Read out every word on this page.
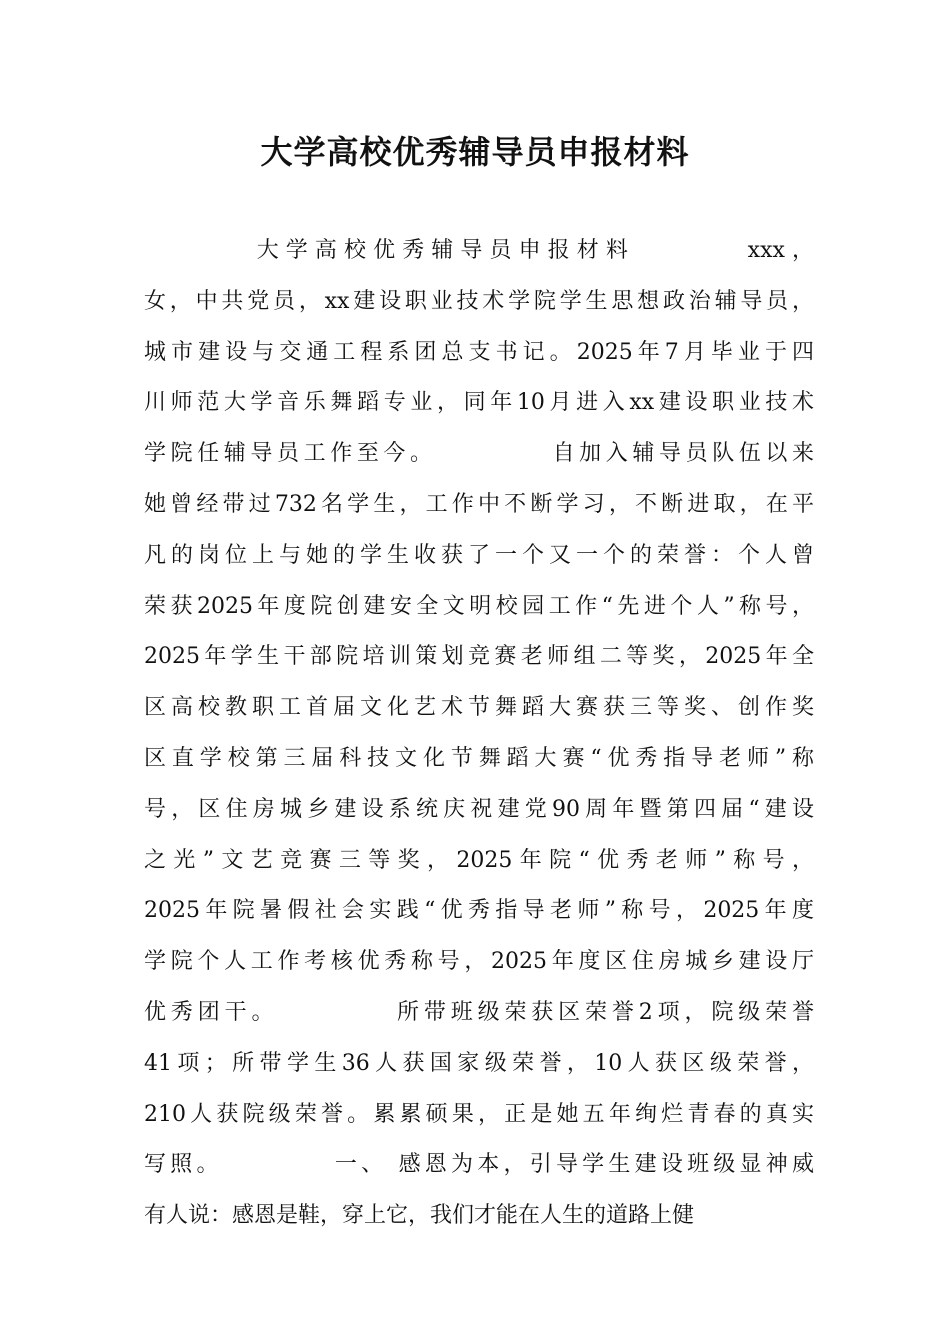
大学高校优秀辅导员申报材料
大学高校优秀辅导员申报材料        xxx，
女，中共党员，xx建设职业技术学院学生思想政治辅导员，
城市建设与交通工程系团总支书记。2025年7月毕业于四
川师范大学音乐舞蹈专业，同年10月进入xx建设职业技术
学院任辅导员工作至今。          自加入辅导员队伍以来
她曾经带过732名学生，工作中不断学习，不断进取，在平
凡的岗位上与她的学生收获了一个又一个的荣誉：个人曾
荣获2025年度院创建安全文明校园工作“先进个人”称号，
2025年学生干部院培训策划竞赛老师组二等奖，2025年全
区高校教职工首届文化艺术节舞蹈大赛获三等奖、创作奖
区直学校第三届科技文化节舞蹈大赛“优秀指导老师”称
号，区住房城乡建设系统庆祝建党90周年暨第四届“建设
之光”文艺竞赛三等奖，2025年院“优秀老师”称号，
2025年院暑假社会实践“优秀指导老师”称号，2025年度
学院个人工作考核优秀称号，2025年度区住房城乡建设厅
优秀团干。          所带班级荣获区荣誉2项，院级荣誉
41项；所带学生36人获国家级荣誉，10人获区级荣誉，
210人获院级荣誉。累累硕果，正是她五年绚烂青春的真实
写照。          一、 感恩为本，引导学生建设班级显神威
有人说：感恩是鞋，穿上它，我们才能在人生的道路上健
